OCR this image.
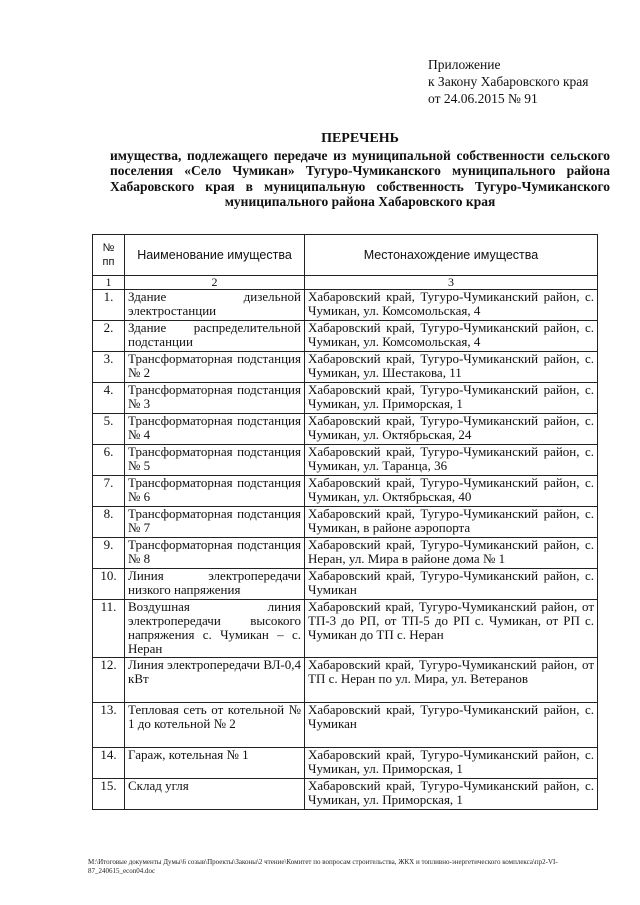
Приложение
к Закону Хабаровского края
от 24.06.2015 № 91
ПЕРЕЧЕНЬ
имущества, подлежащего передаче из муниципальной собственности сельского поселения «Село Чумикан» Тугуро-Чумиканского муниципального района Хабаровского края в муниципальную собственность Тугуро-Чумиканского муниципального района Хабаровского края
№ пп	Наименование имущества	Местонахождение имущества
1	2	3
1.	Здание дизельной электростанции	Хабаровский край, Тугуро-Чумиканский район, с. Чумикан, ул. Комсомольская, 4
2.	Здание распределительной подстанции	Хабаровский край, Тугуро-Чумиканский район, с. Чумикан, ул. Комсомольская, 4
3.	Трансформаторная подстанция № 2	Хабаровский край, Тугуро-Чумиканский район, с. Чумикан, ул. Шестакова, 11
4.	Трансформаторная подстанция № 3	Хабаровский край, Тугуро-Чумиканский район, с. Чумикан, ул. Приморская, 1
5.	Трансформаторная подстанция № 4	Хабаровский край, Тугуро-Чумиканский район, с. Чумикан, ул. Октябрьская, 24
6.	Трансформаторная подстанция № 5	Хабаровский край, Тугуро-Чумиканский район, с. Чумикан, ул. Таранца, 36
7.	Трансформаторная подстанция № 6	Хабаровский край, Тугуро-Чумиканский район, с. Чумикан, ул. Октябрьская, 40
8.	Трансформаторная подстанция № 7	Хабаровский край, Тугуро-Чумиканский район, с. Чумикан, в районе аэропорта
9.	Трансформаторная подстанция № 8	Хабаровский край, Тугуро-Чумиканский район, с. Неран, ул. Мира в районе дома № 1
10.	Линия электропередачи низкого напряжения	Хабаровский край, Тугуро-Чумиканский район, с. Чумикан
11.	Воздушная линия электропередачи высокого напряжения с. Чумикан – с. Неран	Хабаровский край, Тугуро-Чумиканский район, от ТП-3 до РП, от ТП-5 до РП с. Чумикан, от РП с. Чумикан до ТП с. Неран
12.	Линия электропередачи ВЛ-0,4 кВт	Хабаровский край, Тугуро-Чумиканский район, от ТП с. Неран по ул. Мира, ул. Ветеранов
13.	Тепловая сеть от котельной № 1 до котельной № 2	Хабаровский край, Тугуро-Чумиканский район, с. Чумикан
14.	Гараж, котельная № 1	Хабаровский край, Тугуро-Чумиканский район, с. Чумикан, ул. Приморская, 1
15.	Склад угля	Хабаровский край, Тугуро-Чумиканский район, с. Чумикан, ул. Приморская, 1
M:\Итоговые документы Думы\6 созыв\Проекты\Законы\2 чтение\Комитет по вопросам строительства, ЖКХ и топливно-энергетического комплекса\пр2-VI-87_240615_econ04.doc
